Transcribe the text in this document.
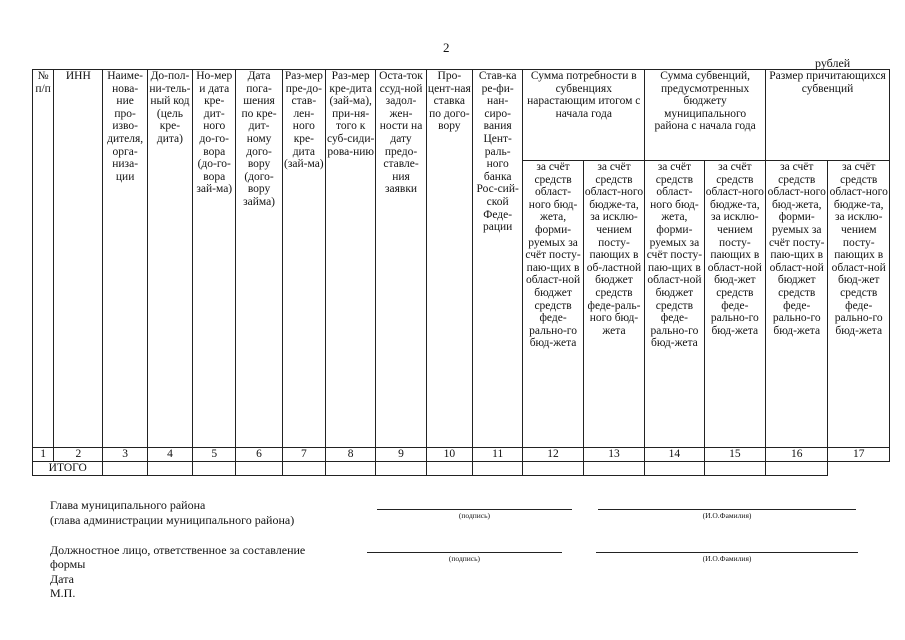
2
рублей
№ п/п	ИНН	Наиме-нова-ние про-изво-дителя, орга-низа-ции	До-пол-ни-тель-ный код (цель кре-дита)	Но-мер и дата кре-дит-ного до-го-вора (до-го-вора зай-ма)	Дата пога-шения по кре-дит-ному дого-вору (дого-вору займа)	Раз-мер пре-до-став-лен-ного кре-дита (зай-ма)	Раз-мер кре-дита (зай-ма), при-ня-того к суб-сиди-рова-нию	Оста-ток ссуд-ной задол-жен-ности на дату предо-ставле-ния заявки	Про-цент-ная ставка по дого-вору	Став-ка ре-фи-нан-сиро-вания Цент-раль-ного банка Рос-сий-ской Феде-рации	Сумма потребности в субвенциях нарастающим итогом с начала года		Сумма субвенций, предусмотренных бюджету муниципального района с начала года		Размер причитающихся субвенций	
											за счёт средств област-ного бюд-жета, форми-руемых за счёт посту-паю-щих в област-ной бюджет средств феде-рально-го бюд-жета	за счёт средств област-ного бюдже-та, за исклю-чением посту-пающих в об-ластной бюджет средств феде-раль-ного бюд-жета	за счёт средств област-ного бюд-жета, форми-руемых за счёт посту-паю-щих в област-ной бюджет средств феде-рально-го бюд-жета	за счёт средств област-ного бюдже-та, за исклю-чением посту-пающих в област-ной бюд-жет средств феде-рально-го бюд-жета	за счёт средств област-ного бюд-жета, форми-руемых за счёт посту-паю-щих в област-ной бюджет средств феде-рально-го бюд-жета	за счёт средств област-ного бюдже-та, за исклю-чением посту-пающих в област-ной бюд-жет средств феде-рально-го бюд-жета
1	2	3	4	5	6	7	8	9	10	11	12	13	14	15	16	17
ИТОГО																
Глава муниципального района
(глава администрации муниципального района)	(подпись)	(И.О.Фамилия)
Должностное лицо, ответственное за составление
формы
Дата
М.П.
(подпись)	(И.О.Фамилия)
